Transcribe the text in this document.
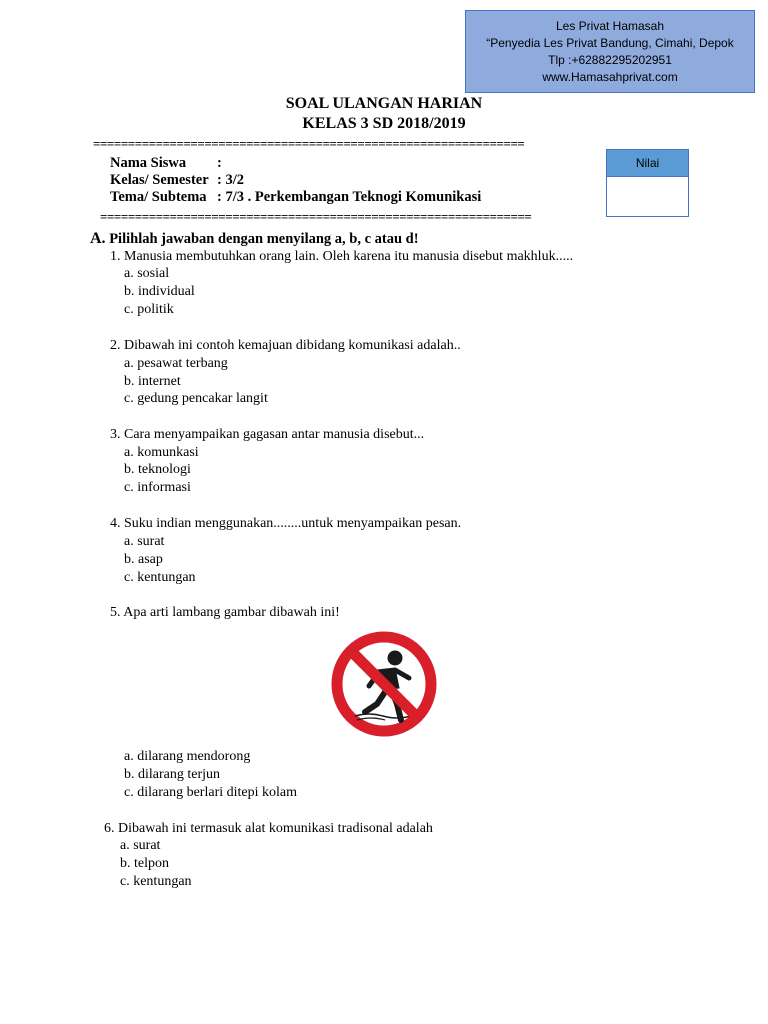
Les Privat Hamasah
“Penyedia Les Privat Bandung, Cimahi, Depok
Tlp :+6288229520295​1
www.Hamasahprivat.com
SOAL ULANGAN HARIAN
KELAS 3 SD 2018/2019
==============================================================
Nama Siswa :
Kelas/ Semester : 3/2
Tema/ Subtema : 7/3 . Perkembangan Teknogi Komunikasi
==============================================================
Nilai
A. Pilihlah jawaban dengan menyilang a, b, c atau d!
1. Manusia membutuhkan orang lain. Oleh karena itu manusia disebut makhluk.....
a. sosial
b. individual
c. politik
2. Dibawah ini contoh kemajuan dibidang komunikasi adalah..
a. pesawat terbang
b. internet
c. gedung pencakar langit
3. Cara menyampaikan gagasan antar manusia disebut...
a. komunkasi
b. teknologi
c. informasi
4. Suku indian menggunakan........untuk menyampaikan pesan.
a. surat
b. asap
c. kentungan
5. Apa arti lambang gambar dibawah ini!
a. dilarang mendorong
b. dilarang terjun
c. dilarang berlari ditepi kolam
6. Dibawah ini termasuk alat komunikasi tradisonal adalah
a. surat
b. telpon
c. kentungan
